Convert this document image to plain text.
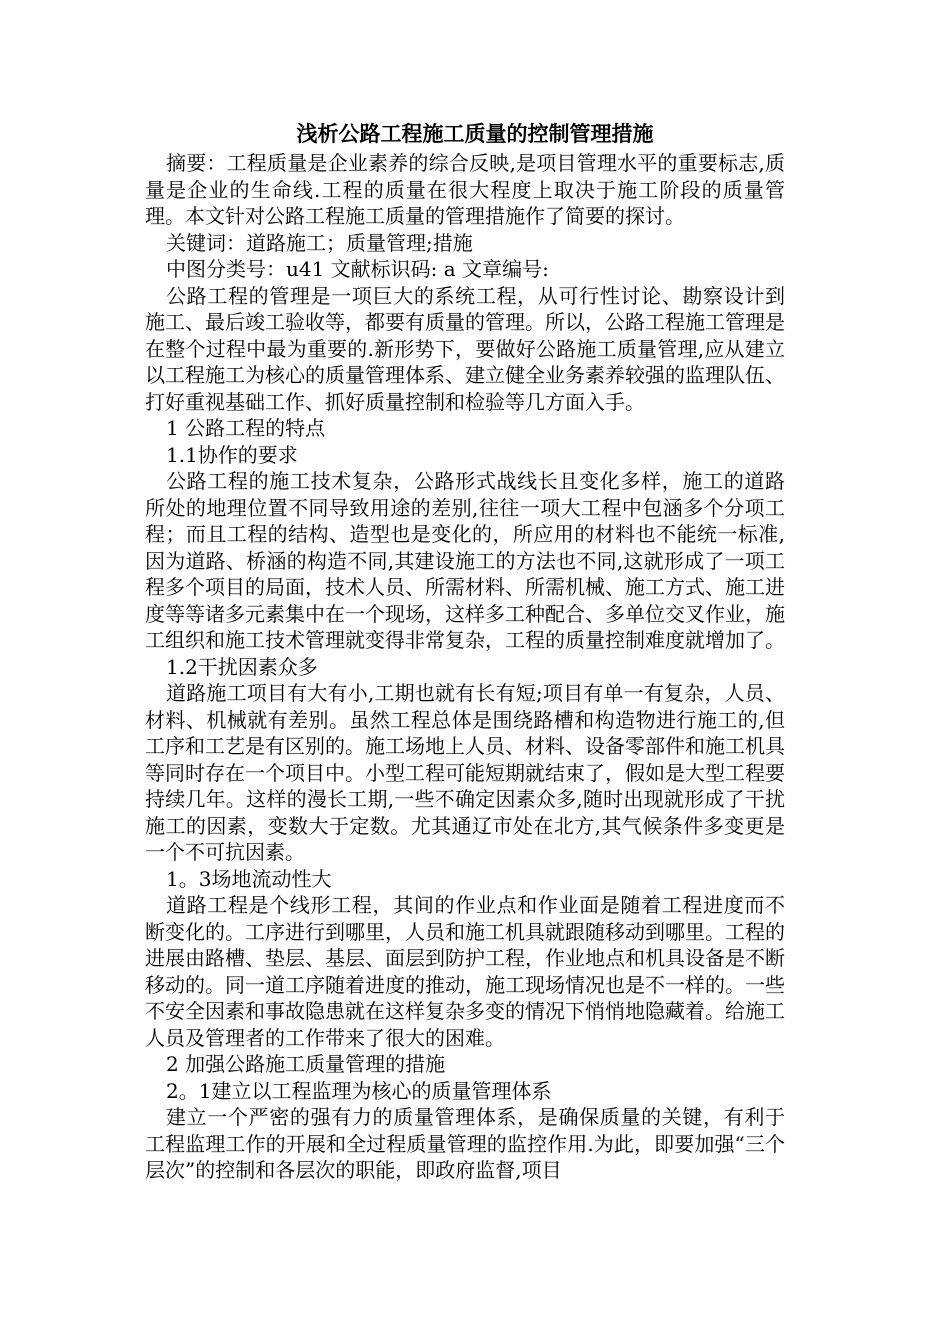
浅析公路工程施工质量的控制管理措施

摘要：工程质量是企业素养的综合反映,是项目管理水平的重要标志,质量是企业的生命线.工程的质量在很大程度上取决于施工阶段的质量管理。本文针对公路工程施工质量的管理措施作了简要的探讨。

关键词：道路施工；质量管理;措施

中图分类号：u41 文献标识码: a 文章编号:

公路工程的管理是一项巨大的系统工程，从可行性讨论、勘察设计到施工、最后竣工验收等，都要有质量的管理。所以，公路工程施工管理是在整个过程中最为重要的.新形势下，要做好公路施工质量管理,应从建立以工程施工为核心的质量管理体系、建立健全业务素养较强的监理队伍、打好重视基础工作、抓好质量控制和检验等几方面入手。

1 公路工程的特点

1.1协作的要求

公路工程的施工技术复杂，公路形式战线长且变化多样，施工的道路所处的地理位置不同导致用途的差别,往往一项大工程中包涵多个分项工程；而且工程的结构、造型也是变化的，所应用的材料也不能统一标准,因为道路、桥涵的构造不同,其建设施工的方法也不同,这就形成了一项工程多个项目的局面，技术人员、所需材料、所需机械、施工方式、施工进度等等诸多元素集中在一个现场，这样多工种配合、多单位交叉作业，施工组织和施工技术管理就变得非常复杂，工程的质量控制难度就增加了。

1.2干扰因素众多

道路施工项目有大有小,工期也就有长有短;项目有单一有复杂，人员、材料、机械就有差别。虽然工程总体是围绕路槽和构造物进行施工的,但工序和工艺是有区别的。施工场地上人员、材料、设备零部件和施工机具等同时存在一个项目中。小型工程可能短期就结束了，假如是大型工程要持续几年。这样的漫长工期,一些不确定因素众多,随时出现就形成了干扰施工的因素，变数大于定数。尤其通辽市处在北方,其气候条件多变更是一个不可抗因素。

1。3场地流动性大

道路工程是个线形工程，其间的作业点和作业面是随着工程进度而不断变化的。工序进行到哪里，人员和施工机具就跟随移动到哪里。工程的进展由路槽、垫层、基层、面层到防护工程，作业地点和机具设备是不断移动的。同一道工序随着进度的推动，施工现场情况也是不一样的。一些不安全因素和事故隐患就在这样复杂多变的情况下悄悄地隐藏着。给施工人员及管理者的工作带来了很大的困难。

2 加强公路施工质量管理的措施

2。1建立以工程监理为核心的质量管理体系

建立一个严密的强有力的质量管理体系，是确保质量的关键，有利于工程监理工作的开展和全过程质量管理的监控作用.为此，即要加强“三个层次”的控制和各层次的职能，即政府监督,项目
